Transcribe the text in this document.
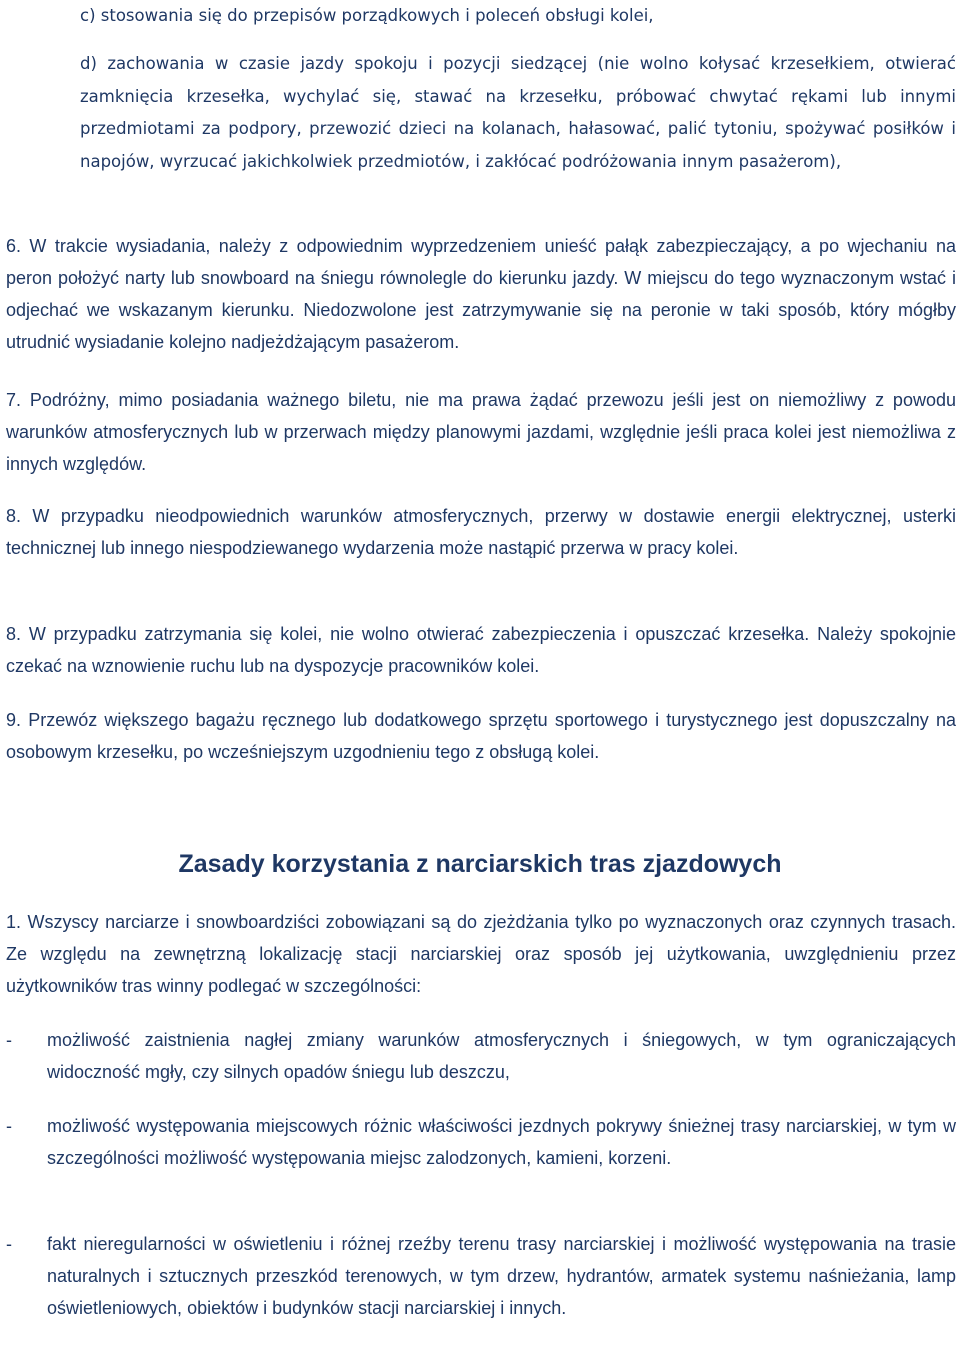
c) stosowania się do przepisów porządkowych i poleceń obsługi kolei,

d) zachowania w czasie jazdy spokoju i pozycji siedzącej (nie wolno kołysać krzesełkiem, otwierać zamknięcia krzesełka, wychylać się, stawać na krzesełku, próbować chwytać rękami lub innymi przedmiotami za podpory, przewozić dzieci na kolanach, hałasować, palić tytoniu, spożywać posiłków i napojów, wyrzucać jakichkolwiek przedmiotów, i zakłócać podróżowania innym pasażerom),

6. W trakcie wysiadania, należy z odpowiednim wyprzedzeniem unieść pałąk zabezpieczający, a po wjechaniu na peron położyć narty lub snowboard na śniegu równolegle do kierunku jazdy. W miejscu do tego wyznaczonym wstać i odjechać we wskazanym kierunku. Niedozwolone jest zatrzymywanie się na peronie w taki sposób, który mógłby utrudnić wysiadanie kolejno nadjeżdżającym pasażerom.

7. Podróżny, mimo posiadania ważnego biletu, nie ma prawa żądać przewozu jeśli jest on niemożliwy z powodu warunków atmosferycznych lub w przerwach między planowymi jazdami, względnie jeśli praca kolei jest niemożliwa z innych względów.

8. W przypadku nieodpowiednich warunków atmosferycznych, przerwy w dostawie energii elektrycznej, usterki technicznej lub innego niespodziewanego wydarzenia może nastąpić przerwa w pracy kolei.

8. W przypadku zatrzymania się kolei, nie wolno otwierać zabezpieczenia i opuszczać krzesełka. Należy spokojnie czekać na wznowienie ruchu lub na dyspozycje pracowników kolei.

9. Przewóz większego bagażu ręcznego lub dodatkowego sprzętu sportowego i turystycznego jest dopuszczalny na osobowym krzesełku, po wcześniejszym uzgodnieniu tego z obsługą kolei.

Zasady korzystania z narciarskich tras zjazdowych

1. Wszyscy narciarze i snowboardziści zobowiązani są do zjeżdżania tylko po wyznaczonych oraz czynnych trasach. Ze względu na zewnętrzną lokalizację stacji narciarskiej oraz sposób jej użytkowania, uwzględnieniu przez użytkowników tras winny podlegać w szczególności:

- możliwość zaistnienia nagłej zmiany warunków atmosferycznych i śniegowych, w tym ograniczających widoczność mgły, czy silnych opadów śniegu lub deszczu,

- możliwość występowania miejscowych różnic właściwości jezdnych pokrywy śnieżnej trasy narciarskiej, w tym w szczególności możliwość występowania miejsc zalodzonych, kamieni, korzeni.

- fakt nieregularności w oświetleniu i różnej rzeźby terenu trasy narciarskiej i możliwość występowania na trasie naturalnych i sztucznych przeszkód terenowych, w tym drzew, hydrantów, armatek systemu naśnieżania, lamp oświetleniowych, obiektów i budynków stacji narciarskiej i innych.
